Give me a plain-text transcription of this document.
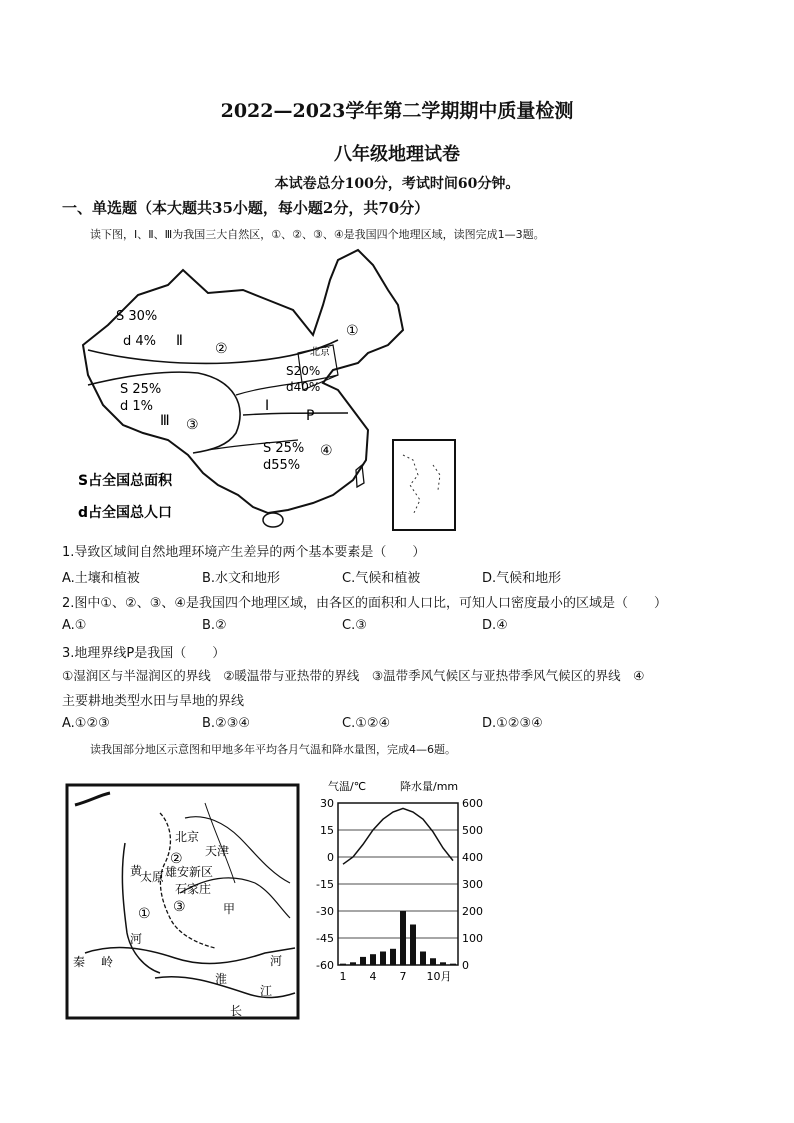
2022—2023学年第二学期期中质量检测
八年级地理试卷
本试卷总分100分，考试时间60分钟。
一、单选题（本大题共35小题，每小题2分，共70分）
读下图，Ⅰ、Ⅱ、Ⅲ为我国三大自然区，①、②、③、④是我国四个地理区域，读图完成1—3题。
S 30%
d 4% Ⅱ ②
①
北京
S20%
d40%
S 25%
d 1%
Ⅲ ③
Ⅰ
P
S 25%
d55%
④
S占全国总面积
d占全国总人口
1.导致区域间自然地理环境产生差异的两个基本要素是（　　）
A.土壤和植被	B.水文和地形	C.气候和植被	D.气候和地形
2.图中①、②、③、④是我国四个地理区域，由各区的面积和人口比，可知人口密度最小的区域是（　　）
A.①	B.②	C.③	D.④
3.地理界线P是我国（　　）
①湿润区与半湿润区的界线　②暖温带与亚热带的界线　③温带季风气候区与亚热带季风气候区的界线　④
主要耕地类型水田与旱地的界线
A.①②③	B.②③④	C.①②④	D.①②③④
读我国部分地区示意图和甲地多年平均各月气温和降水量图，完成4—6题。
北京
天津
雄安新区
太原
石家庄
黄
河
甲
秦 岭
淮
河
江
长
①
②
③
气温/℃	降水量/mm
30
15
0
-15
-30
-45
-60
600
500
400
300
200
100
0
1 4 7 10月
